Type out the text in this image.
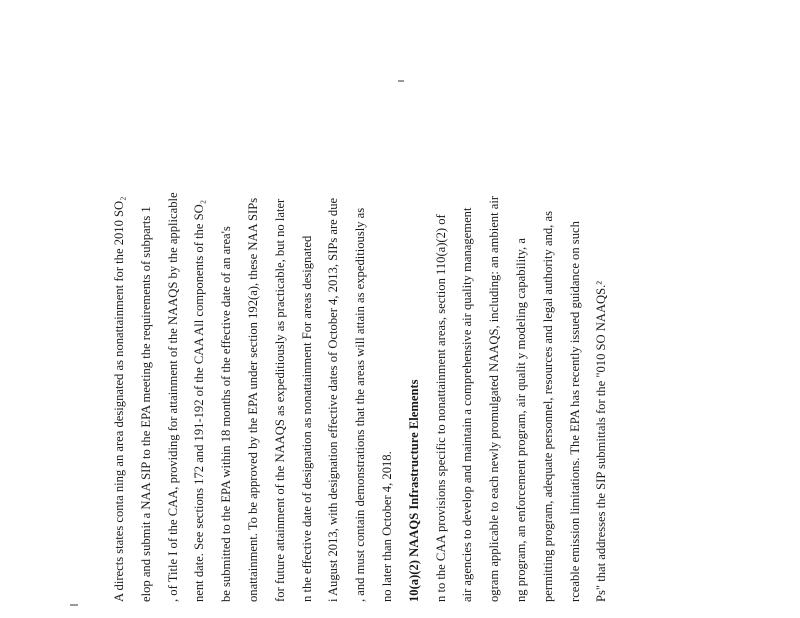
A directs states conta ning an area designated as nonattainment for the 2010 SO₂ elop and submit a NAA SIP to the EPA meeting the requirements of subparts 1 , of Title I of the CAA, providing for attainment of the NAAQS by the applicable nent date. See sections 172 and 191-192 of the CAA All components of the SO₂ be submitted to the EPA within 18 months of the effective date of an area's onattainment. To be approved by the EPA under section 192(a), these NAA SIPs for future attainment of the NAAQS as expeditiously as practicable, but no later n the effective date of designation as nonattainment For areas designated i August 2013, with designation effective dates of October 4, 2013, SIPs are due , and must contain demonstrations that the areas will attain as expeditiously as no later than October 4, 2018. 10(a)(2) NAAQS Infrastructure Elements n to the CAA provisions specific to nonattainment areas, section 110(a)(2) of air agencies to develop and maintain a comprehensive air quality management ogram applicable to each newly promulgated NAAQS, including: an ambient air ng program, an enforcement program, air qualit y modeling capability, a permitting program, adequate personnel, resources and legal authority and, as rceable emission limitations. The EPA has recently issued guidance on such Ps" that addresses the SIP submittals for the "010 SO NAAQS.²
